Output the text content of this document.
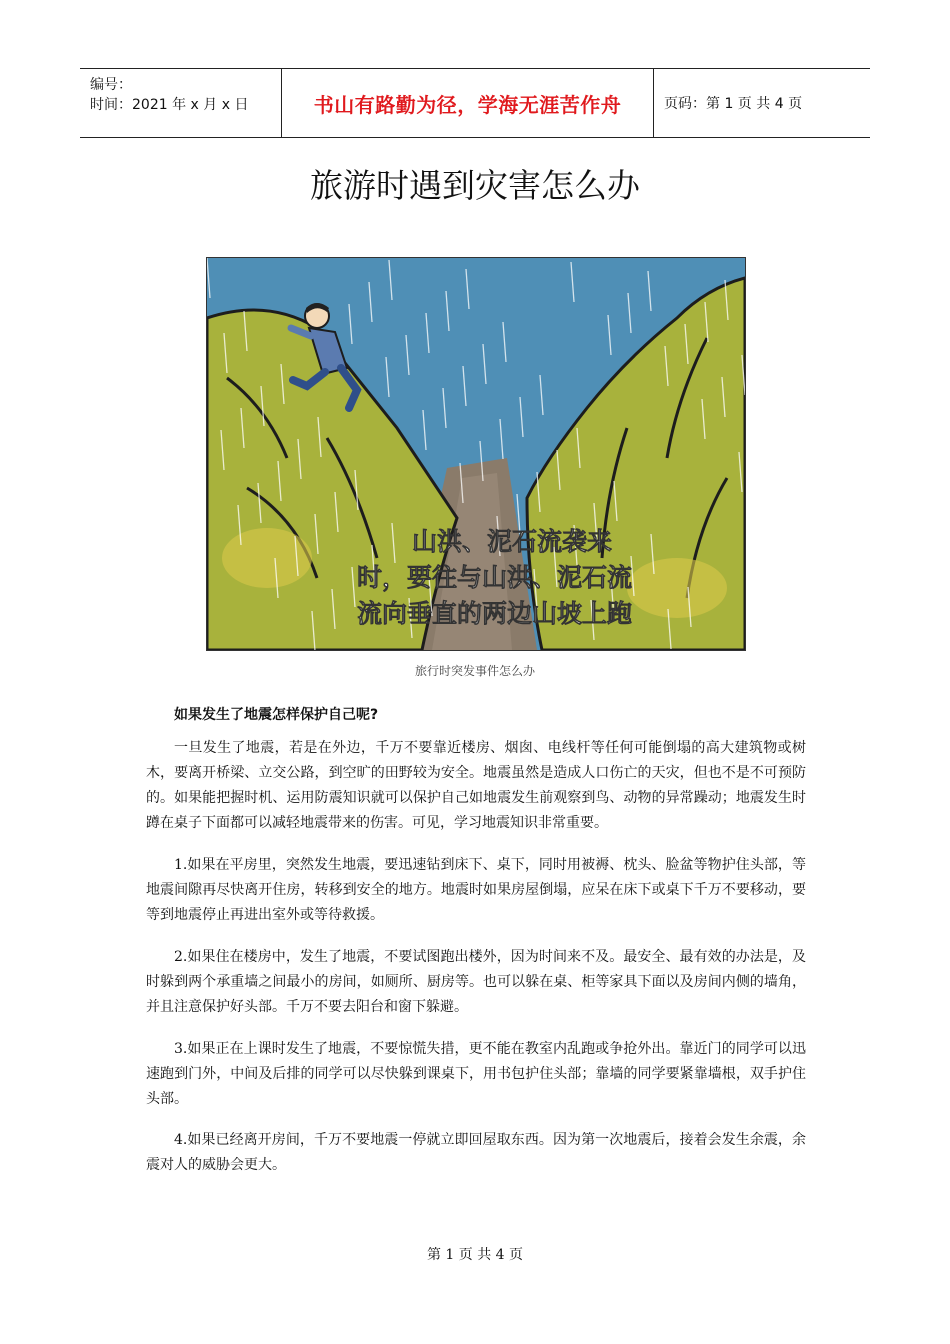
编号：
时间：2021 年 x 月 x 日	书山有路勤为径，学海无涯苦作舟	页码：第 1 页 共 4 页
旅游时遇到灾害怎么办
山洪、泥石流袭来
时，要往与山洪、泥石流
流向垂直的两边山坡上跑
旅行时突发事件怎么办
如果发生了地震怎样保护自己呢?

一旦发生了地震，若是在外边，千万不要靠近楼房、烟囱、电线杆等任何可能倒塌的高大建筑物或树木，要离开桥梁、立交公路，到空旷的田野较为安全。地震虽然是造成人口伤亡的天灾，但也不是不可预防的。如果能把握时机、运用防震知识就可以保护自己如地震发生前观察到鸟、动物的异常躁动；地震发生时蹲在桌子下面都可以减轻地震带来的伤害。可见，学习地震知识非常重要。

1.如果在平房里，突然发生地震，要迅速钻到床下、桌下，同时用被褥、枕头、脸盆等物护住头部，等地震间隙再尽快离开住房，转移到安全的地方。地震时如果房屋倒塌，应呆在床下或桌下千万不要移动，要等到地震停止再进出室外或等待救援。

2.如果住在楼房中，发生了地震，不要试图跑出楼外，因为时间来不及。最安全、最有效的办法是，及时躲到两个承重墙之间最小的房间，如厕所、厨房等。也可以躲在桌、柜等家具下面以及房间内侧的墙角，并且注意保护好头部。千万不要去阳台和窗下躲避。

3.如果正在上课时发生了地震，不要惊慌失措，更不能在教室内乱跑或争抢外出。靠近门的同学可以迅速跑到门外，中间及后排的同学可以尽快躲到课桌下，用书包护住头部；靠墙的同学要紧靠墙根，双手护住头部。

4.如果已经离开房间，千万不要地震一停就立即回屋取东西。因为第一次地震后，接着会发生余震，余震对人的威胁会更大。

第 1 页 共 4 页
